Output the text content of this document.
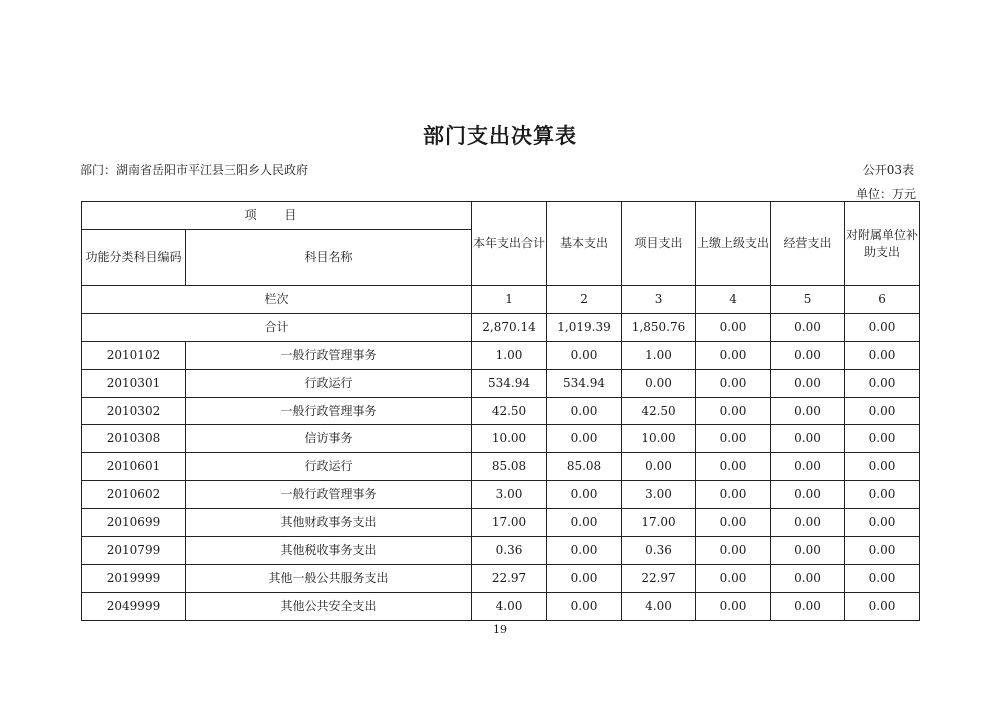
部门支出决算表
部门：湖南省岳阳市平江县三阳乡人民政府	公开03表
单位：万元
项 目		本年支出合计	基本支出	项目支出	上缴上级支出	经营支出	对附属单位补助支出
功能分类科目编码	科目名称						
栏次		1	2	3	4	5	6
合计		2,870.14	1,019.39	1,850.76	0.00	0.00	0.00
2010102	一般行政管理事务	1.00	0.00	1.00	0.00	0.00	0.00
2010301	行政运行	534.94	534.94	0.00	0.00	0.00	0.00
2010302	一般行政管理事务	42.50	0.00	42.50	0.00	0.00	0.00
2010308	信访事务	10.00	0.00	10.00	0.00	0.00	0.00
2010601	行政运行	85.08	85.08	0.00	0.00	0.00	0.00
2010602	一般行政管理事务	3.00	0.00	3.00	0.00	0.00	0.00
2010699	其他财政事务支出	17.00	0.00	17.00	0.00	0.00	0.00
2010799	其他税收事务支出	0.36	0.00	0.36	0.00	0.00	0.00
2019999	其他一般公共服务支出	22.97	0.00	22.97	0.00	0.00	0.00
2049999	其他公共安全支出	4.00	0.00	4.00	0.00	0.00	0.00
19
